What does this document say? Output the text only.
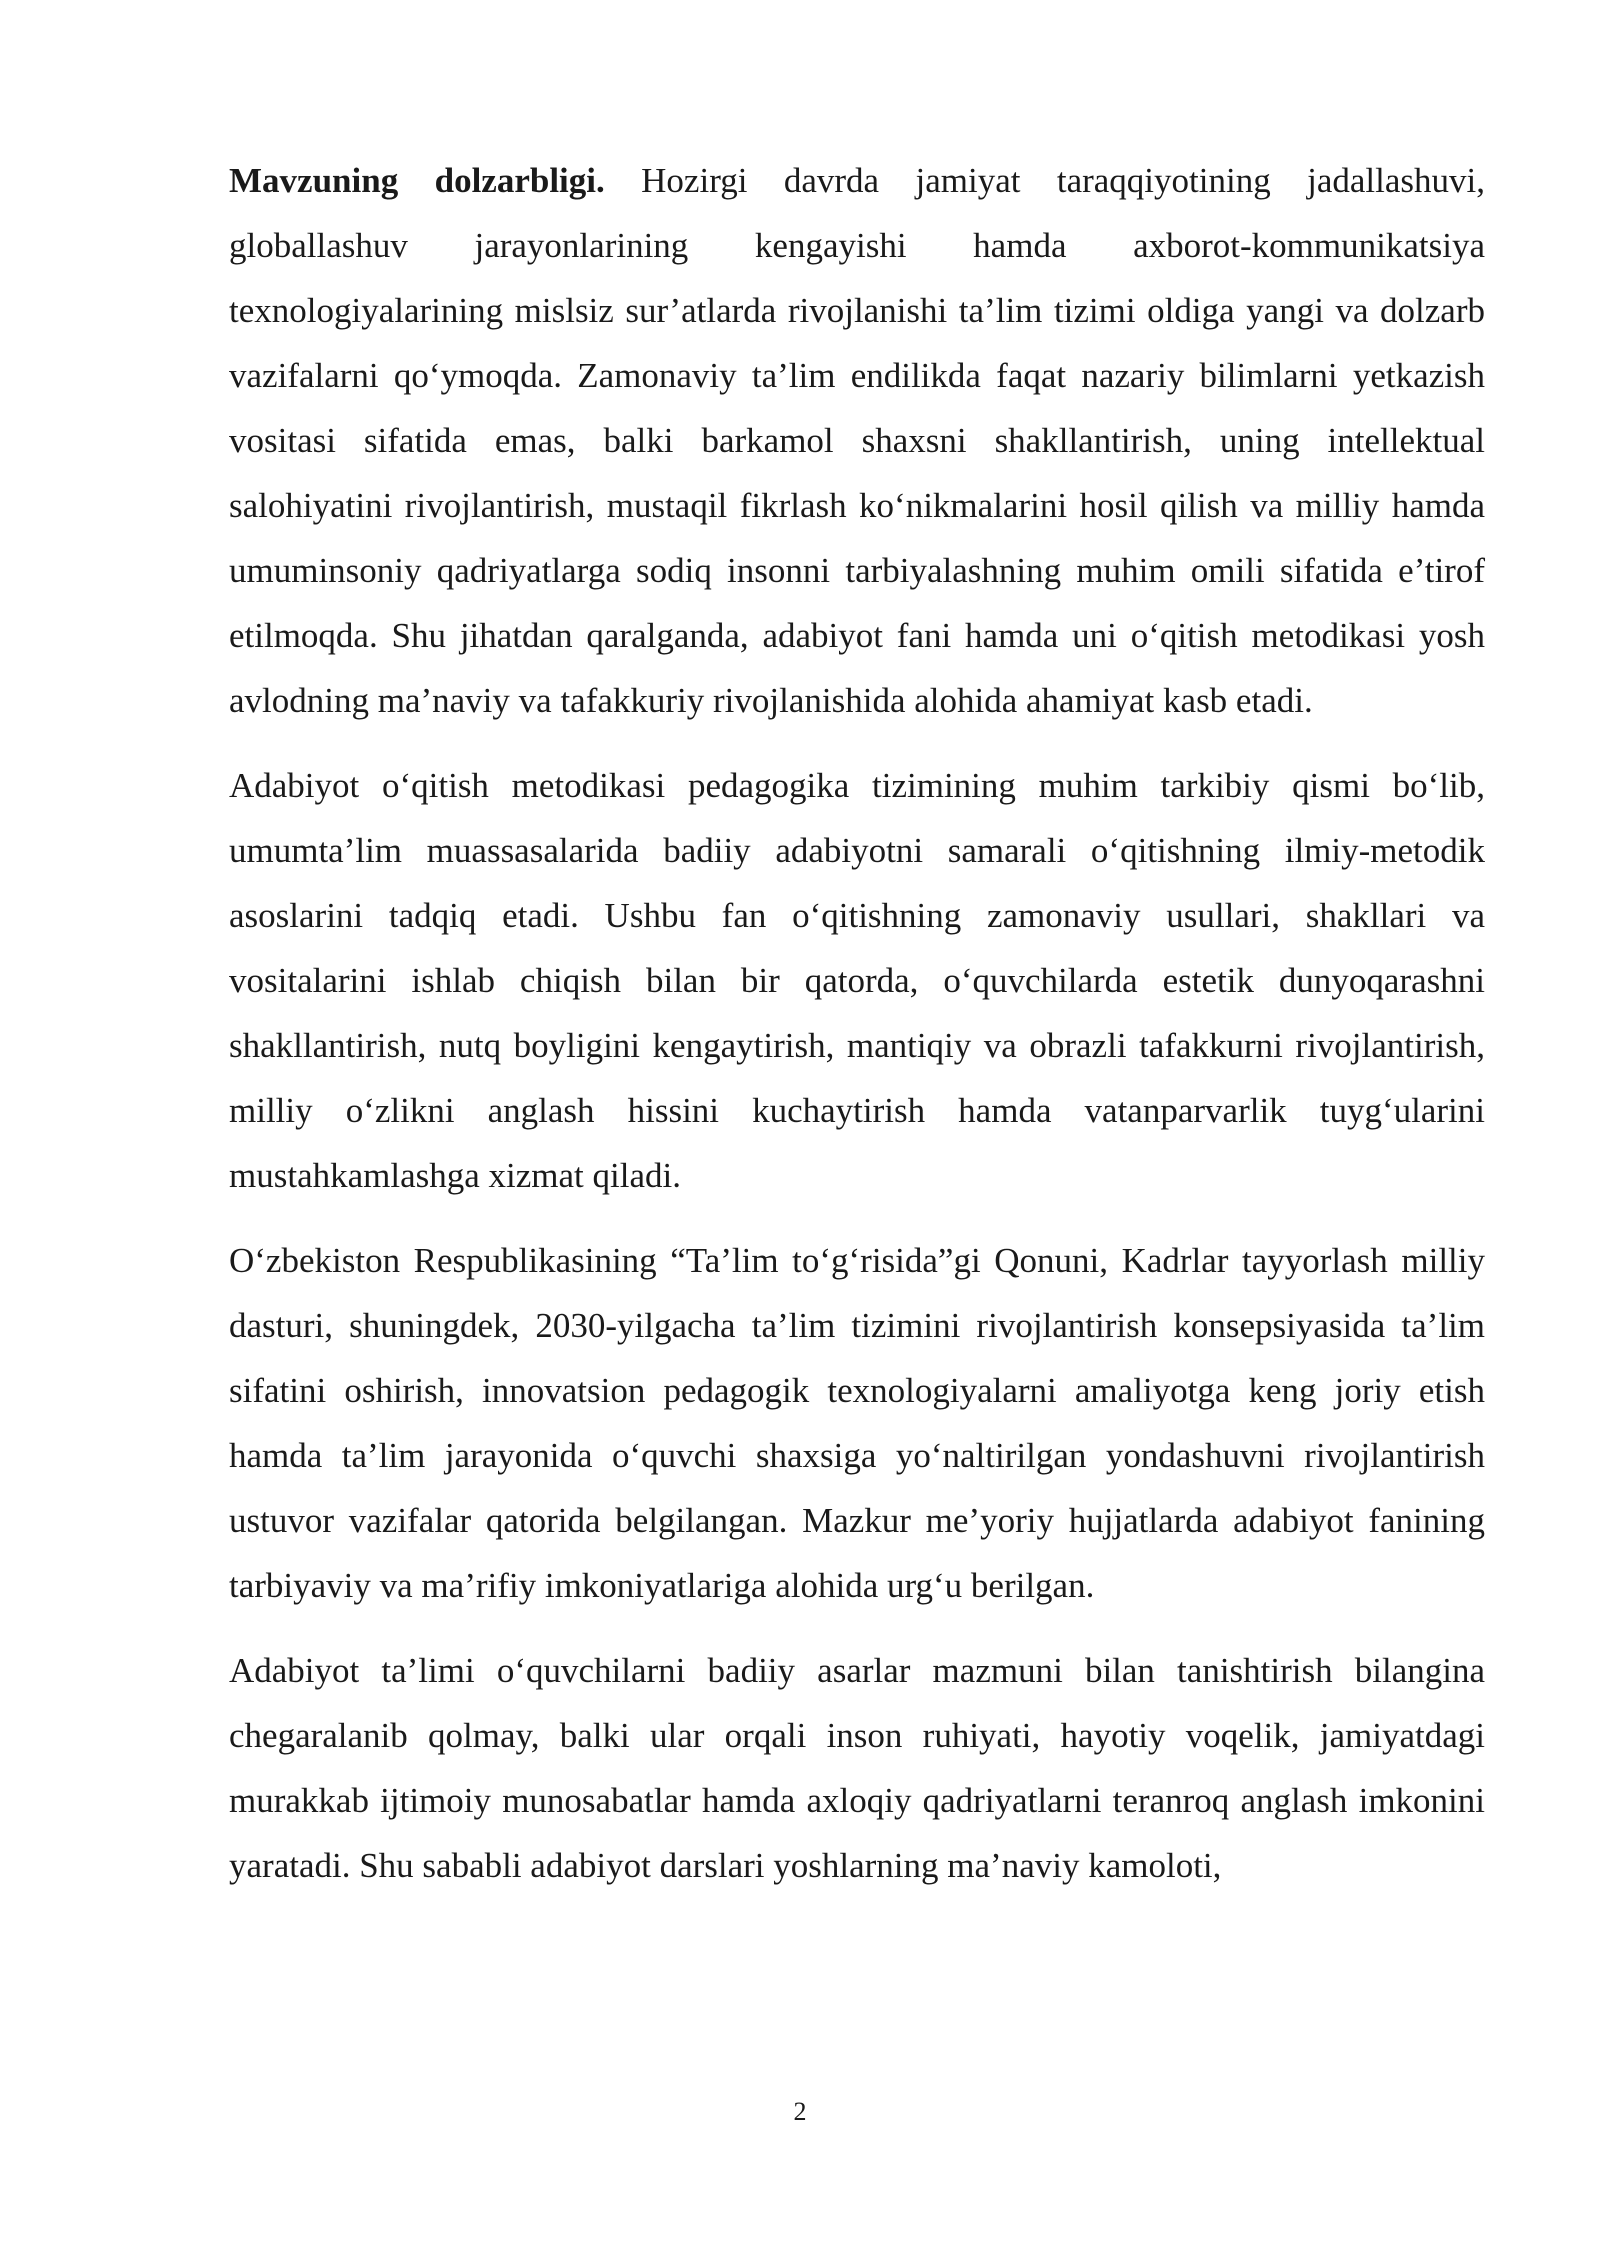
Mavzuning dolzarbligi. Hozirgi davrda jamiyat taraqqiyotining jadallashuvi, globallashuv jarayonlarining kengayishi hamda axborot-kommunikatsiya texnologiyalarining mislsiz sur’atlarda rivojlanishi ta’lim tizimi oldiga yangi va dolzarb vazifalarni qo‘ymoqda. Zamonaviy ta’lim endilikda faqat nazariy bilimlarni yetkazish vositasi sifatida emas, balki barkamol shaxsni shakllantirish, uning intellektual salohiyatini rivojlantirish, mustaqil fikrlash ko‘nikmalarini hosil qilish va milliy hamda umuminsoniy qadriyatlarga sodiq insonni tarbiyalashning muhim omili sifatida e’tirof etilmoqda. Shu jihatdan qaralganda, adabiyot fani hamda uni o‘qitish metodikasi yosh avlodning ma’naviy va tafakkuriy rivojlanishida alohida ahamiyat kasb etadi.

Adabiyot o‘qitish metodikasi pedagogika tizimining muhim tarkibiy qismi bo‘lib, umumta’lim muassasalarida badiiy adabiyotni samarali o‘qitishning ilmiy-metodik asoslarini tadqiq etadi. Ushbu fan o‘qitishning zamonaviy usullari, shakllari va vositalarini ishlab chiqish bilan bir qatorda, o‘quvchilarda estetik dunyoqarashni shakllantirish, nutq boyligini kengaytirish, mantiqiy va obrazli tafakkurni rivojlantirish, milliy o‘zlikni anglash hissini kuchaytirish hamda vatanparvarlik tuyg‘ularini mustahkamlashga xizmat qiladi.

O‘zbekiston Respublikasining “Ta’lim to‘g‘risida”gi Qonuni, Kadrlar tayyorlash milliy dasturi, shuningdek, 2030-yilgacha ta’lim tizimini rivojlantirish konsepsiyasida ta’lim sifatini oshirish, innovatsion pedagogik texnologiyalarni amaliyotga keng joriy etish hamda ta’lim jarayonida o‘quvchi shaxsiga yo‘naltirilgan yondashuvni rivojlantirish ustuvor vazifalar qatorida belgilangan. Mazkur me’yoriy hujjatlarda adabiyot fanining tarbiyaviy va ma’rifiy imkoniyatlariga alohida urg‘u berilgan.

Adabiyot ta’limi o‘quvchilarni badiiy asarlar mazmuni bilan tanishtirish bilangina chegaralanib qolmay, balki ular orqali inson ruhiyati, hayotiy voqelik, jamiyatdagi murakkab ijtimoiy munosabatlar hamda axloqiy qadriyatlarni teranroq anglash imkonini yaratadi. Shu sababli adabiyot darslari yoshlarning ma’naviy kamoloti,

2
